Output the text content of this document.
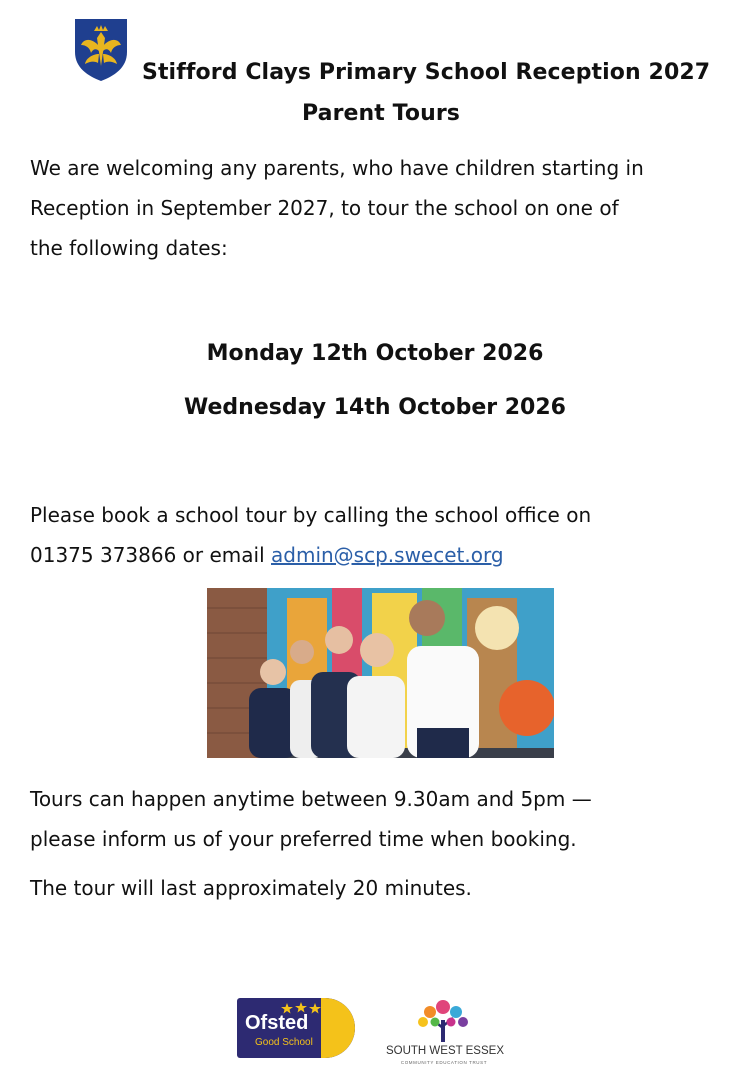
Stifford Clays Primary School Reception 2027
Parent Tours
We are welcoming any parents, who have children starting in
Reception in September 2027, to tour the school on one of
the following dates:
Monday 12th October 2026
Wednesday 14th October 2026
Please book a school tour by calling the school office on
01375 373866 or email admin@scp.swecet.org
Tours can happen anytime between 9.30am and 5pm —
please inform us of your preferred time when booking.
The tour will last approximately 20 minutes.
Ofsted
Good School
SOUTH WEST ESSEX
COMMUNITY EDUCATION TRUST
